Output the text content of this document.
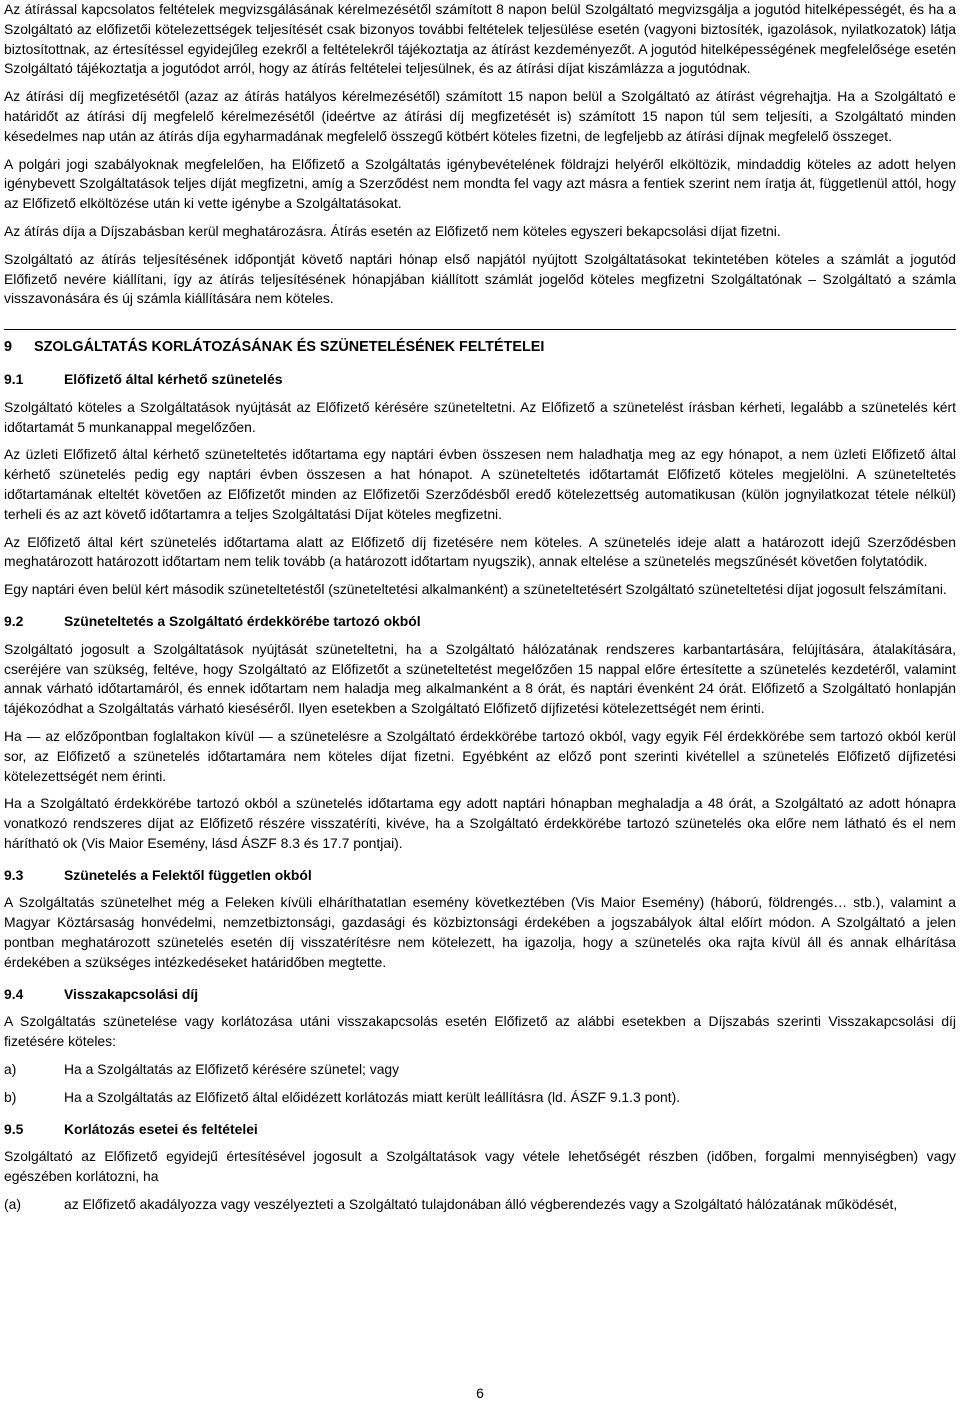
Az átírással kapcsolatos feltételek megvizsgálásának kérelmezésétől számított 8 napon belül Szolgáltató megvizsgálja a jogutód hitelképességét, és ha a Szolgáltató az előfizetői kötelezettségek teljesítését csak bizonyos további feltételek teljesülése esetén (vagyoni biztosíték, igazolások, nyilatkozatok) látja biztosítottnak, az értesítéssel egyidejűleg ezekről a feltételekről tájékoztatja az átírást kezdeményezőt. A jogutód hitelképességének megfelelősége esetén Szolgáltató tájékoztatja a jogutódot arról, hogy az átírás feltételei teljesülnek, és az átírási díjat kiszámlázza a jogutódnak.

Az átírási díj megfizetésétől (azaz az átírás hatályos kérelmezésétől) számított 15 napon belül a Szolgáltató az átírást végrehajtja. Ha a Szolgáltató e határidőt az átírási díj megfelelő kérelmezésétől (ideértve az átírási díj megfizetését is) számított 15 napon túl sem teljesíti, a Szolgáltató minden késedelmes nap után az átírás díja egyharmadának megfelelő összegű kötbért köteles fizetni, de legfeljebb az átírási díjnak megfelelő összeget.

A polgári jogi szabályoknak megfelelően, ha Előfizető a Szolgáltatás igénybevételének földrajzi helyéről elköltözik, mindaddig köteles az adott helyen igénybevett Szolgáltatások teljes díját megfizetni, amíg a Szerződést nem mondta fel vagy azt másra a fentiek szerint nem íratja át, függetlenül attól, hogy az Előfizető elköltözése után ki vette igénybe a Szolgáltatásokat.

Az átírás díja a Díjszabásban kerül meghatározásra. Átírás esetén az Előfizető nem köteles egyszeri bekapcsolási díjat fizetni.

Szolgáltató az átírás teljesítésének időpontját követő naptári hónap első napjától nyújtott Szolgáltatásokat tekintetében köteles a számlát a jogutód Előfizető nevére kiállítani, így az átírás teljesítésének hónapjában kiállított számlát jogelőd köteles megfizetni Szolgáltatónak – Szolgáltató a számla visszavonására és új számla kiállítására nem köteles.

9	SZOLGÁLTATÁS KORLÁTOZÁSÁNAK ÉS SZÜNETELÉSÉNEK FELTÉTELEI
9.1	Előfizető által kérhető szünetelés

Szolgáltató köteles a Szolgáltatások nyújtását az Előfizető kérésére szüneteltetni. Az Előfizető a szünetelést írásban kérheti, legalább a szünetelés kért időtartamát 5 munkanappal megelőzően.

Az üzleti Előfizető által kérhető szüneteltetés időtartama egy naptári évben összesen nem haladhatja meg az egy hónapot, a nem üzleti Előfizető által kérhető szünetelés pedig egy naptári évben összesen a hat hónapot. A szüneteltetés időtartamát Előfizető köteles megjelölni. A szüneteltetés időtartamának elteltét követően az Előfizetőt minden az Előfizetői Szerződésből eredő kötelezettség automatikusan (külön jognyilatkozat tétele nélkül) terheli és az azt követő időtartamra a teljes Szolgáltatási Díjat köteles megfizetni.

Az Előfizető által kért szünetelés időtartama alatt az Előfizető díj fizetésére nem köteles. A szünetelés ideje alatt a határozott idejű Szerződésben meghatározott határozott időtartam nem telik tovább (a határozott időtartam nyugszik), annak eltelése a szünetelés megszűnését követően folytatódik.

Egy naptári éven belül kért második szüneteltetéstől (szüneteltetési alkalmanként) a szüneteltetésért Szolgáltató szüneteltetési díjat jogosult felszámítani.

9.2	Szüneteltetés a Szolgáltató érdekkörébe tartozó okból

Szolgáltató jogosult a Szolgáltatások nyújtását szüneteltetni, ha a Szolgáltató hálózatának rendszeres karbantartására, felújítására, átalakítására, cseréjére van szükség, feltéve, hogy Szolgáltató az Előfizetőt a szüneteltetést megelőzően 15 nappal előre értesítette a szünetelés kezdetéről, valamint annak várható időtartamáról, és ennek időtartam nem haladja meg alkalmanként a 8 órát, és naptári évenként 24 órát. Előfizető a Szolgáltató honlapján tájékozódhat a Szolgáltatás várható kieséséről. Ilyen esetekben a Szolgáltató Előfizető díjfizetési kötelezettségét nem érinti.

Ha — az előzőpontban foglaltakon kívül — a szünetelésre a Szolgáltató érdekkörébe tartozó okból, vagy egyik Fél érdekkörébe sem tartozó okból kerül sor, az Előfizető a szünetelés időtartamára nem köteles díjat fizetni. Egyébként az előző pont szerinti kivétellel a szünetelés Előfizető díjfizetési kötelezettségét nem érinti.

Ha a Szolgáltató érdekkörébe tartozó okból a szünetelés időtartama egy adott naptári hónapban meghaladja a 48 órát, a Szolgáltató az adott hónapra vonatkozó rendszeres díjat az Előfizető részére visszatéríti, kivéve, ha a Szolgáltató érdekkörébe tartozó szünetelés oka előre nem látható és el nem hárítható ok (Vis Maior Esemény, lásd ÁSZF 8.3 és 17.7 pontjai).

9.3	Szünetelés a Felektől független okból

A Szolgáltatás szünetelhet még a Feleken kívüli elháríthatatlan esemény következtében (Vis Maior Esemény) (háború, földrengés… stb.), valamint a Magyar Köztársaság honvédelmi, nemzetbiztonsági, gazdasági és közbiztonsági érdekében a jogszabályok által előírt módon. A Szolgáltató a jelen pontban meghatározott szünetelés esetén díj visszatérítésre nem kötelezett, ha igazolja, hogy a szünetelés oka rajta kívül áll és annak elhárítása érdekében a szükséges intézkedéseket határidőben megtette.

9.4	Visszakapcsolási díj

A Szolgáltatás szünetelése vagy korlátozása utáni visszakapcsolás esetén Előfizető az alábbi esetekben a Díjszabás szerinti Visszakapcsolási díj fizetésére köteles:

a)	Ha a Szolgáltatás az Előfizető kérésére szünetel; vagy
b)	Ha a Szolgáltatás az Előfizető által előidézett korlátozás miatt került leállításra (ld. ÁSZF 9.1.3 pont).
9.5	Korlátozás esetei és feltételei

Szolgáltató az Előfizető egyidejű értesítésével jogosult a Szolgáltatások vagy vétele lehetőségét részben (időben, forgalmi mennyiségben) vagy egészében korlátozni, ha

(a)	az Előfizető akadályozza vagy veszélyezteti a Szolgáltató tulajdonában álló végberendezés vagy a Szolgáltató hálózatának működését,

6
